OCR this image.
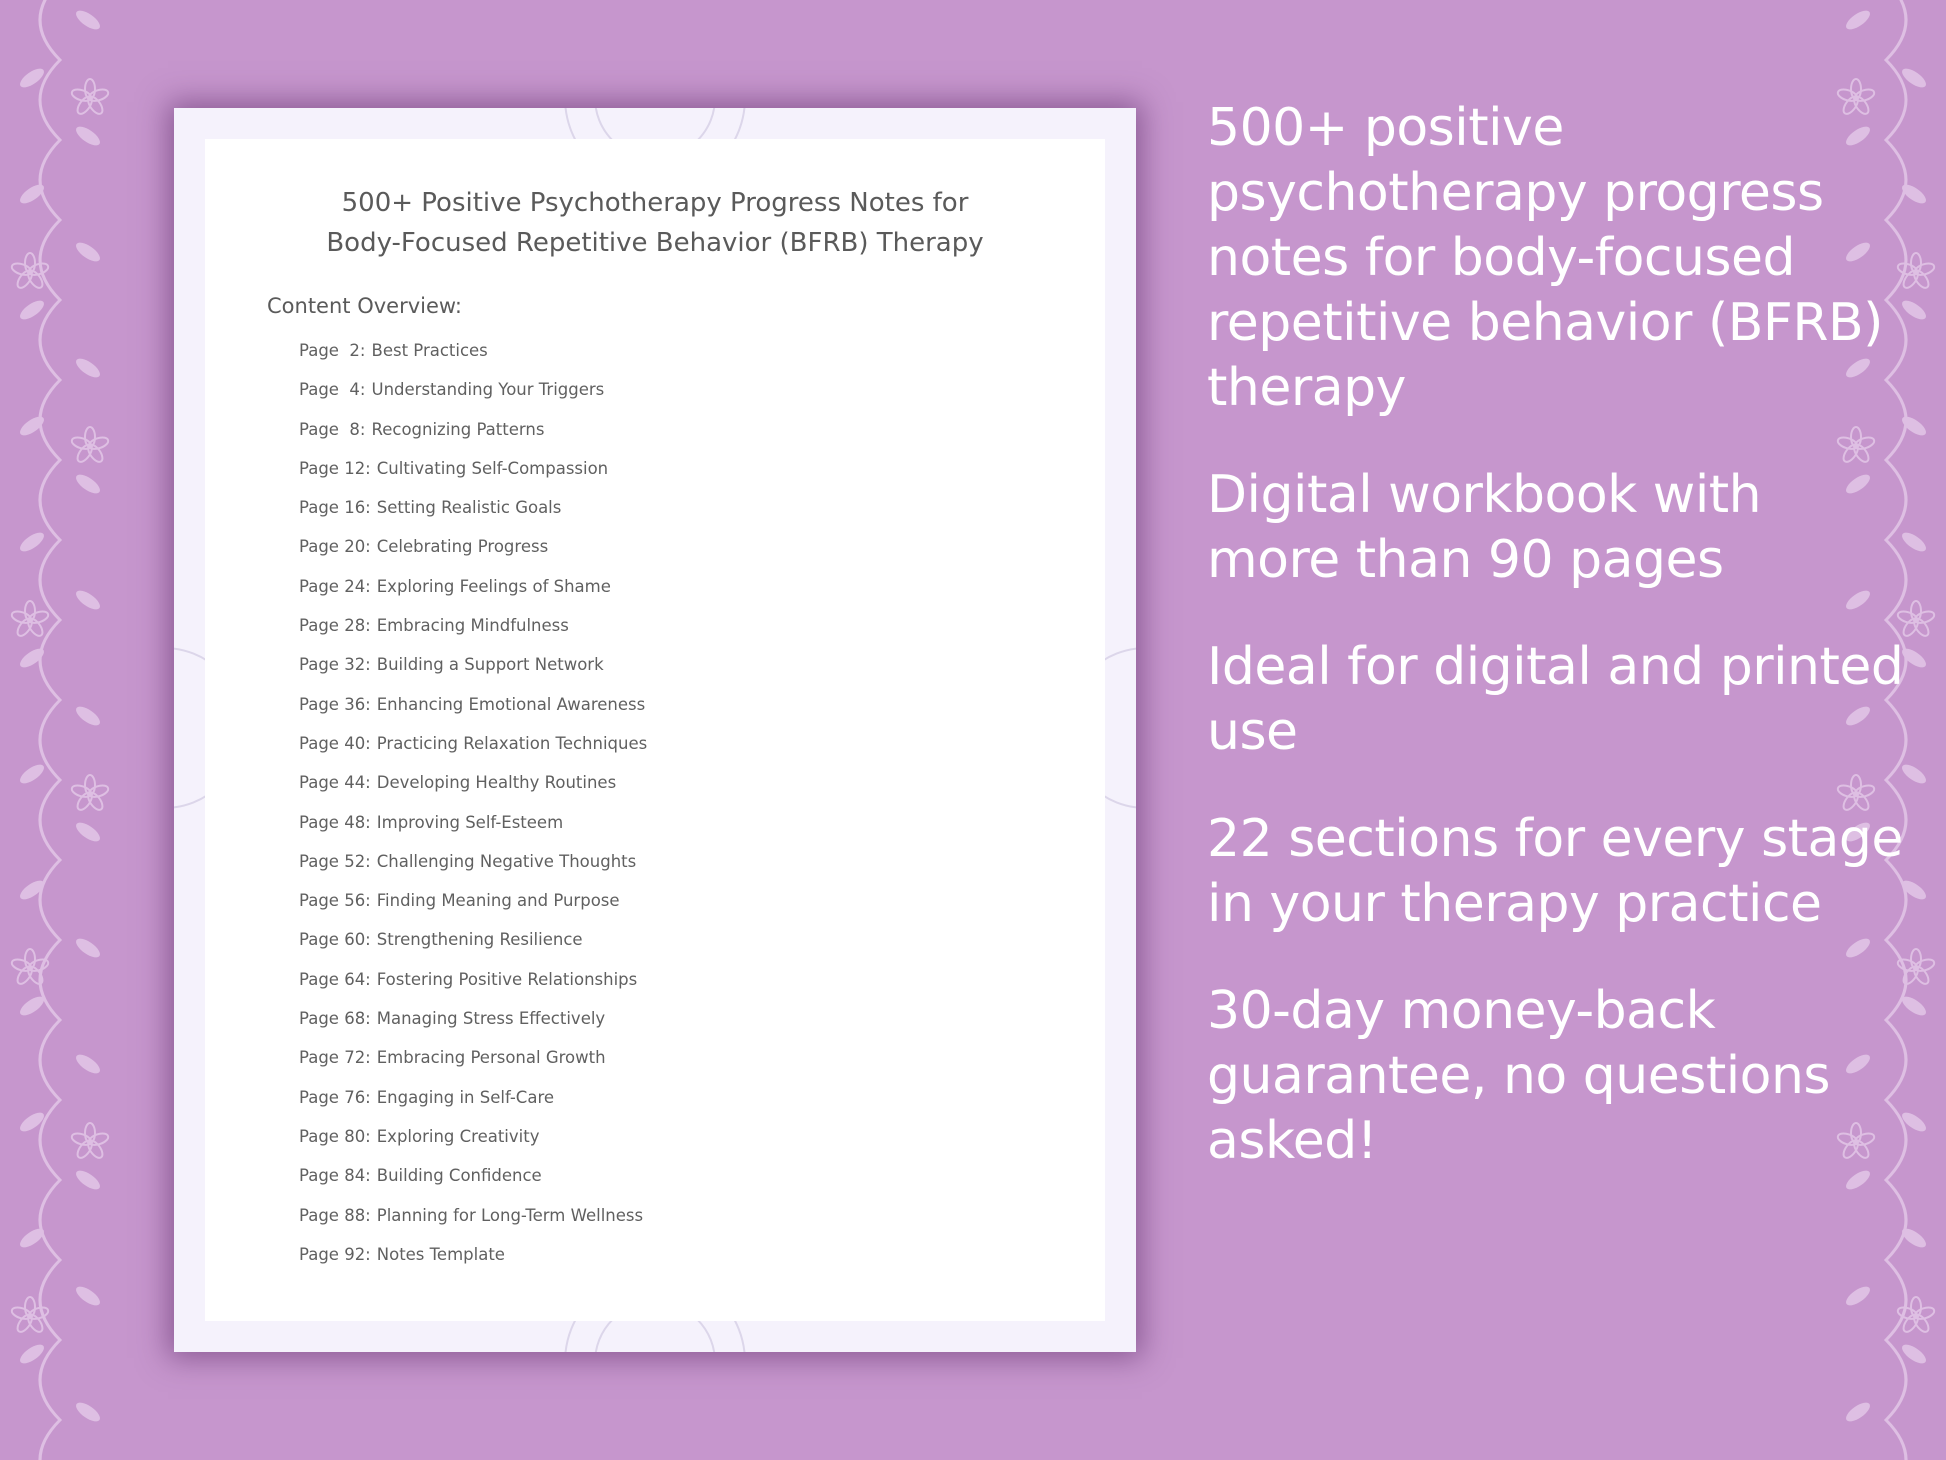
500+ Positive Psychotherapy Progress Notes for
Body-Focused Repetitive Behavior (BFRB) Therapy
Content Overview:
Page  2: Best Practices
Page  4: Understanding Your Triggers
Page  8: Recognizing Patterns
Page 12: Cultivating Self-Compassion
Page 16: Setting Realistic Goals
Page 20: Celebrating Progress
Page 24: Exploring Feelings of Shame
Page 28: Embracing Mindfulness
Page 32: Building a Support Network
Page 36: Enhancing Emotional Awareness
Page 40: Practicing Relaxation Techniques
Page 44: Developing Healthy Routines
Page 48: Improving Self-Esteem
Page 52: Challenging Negative Thoughts
Page 56: Finding Meaning and Purpose
Page 60: Strengthening Resilience
Page 64: Fostering Positive Relationships
Page 68: Managing Stress Effectively
Page 72: Embracing Personal Growth
Page 76: Engaging in Self-Care
Page 80: Exploring Creativity
Page 84: Building Confidence
Page 88: Planning for Long-Term Wellness
Page 92: Notes Template

500+ positive psychotherapy progress notes for body-focused repetitive behavior (BFRB) therapy

Digital workbook with more than 90 pages

Ideal for digital and printed use

22 sections for every stage in your therapy practice

30-day money-back guarantee, no questions asked!
